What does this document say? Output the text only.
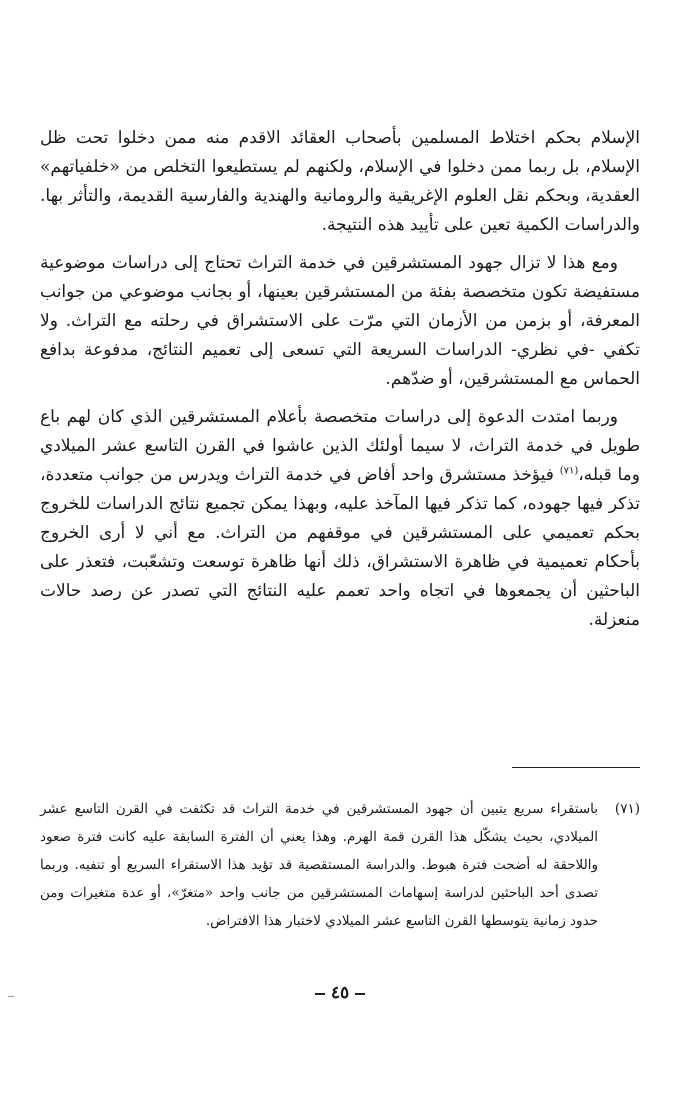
الإسلام بحكم اختلاط المسلمين بأصحاب العقائد الاقدم منه ممن دخلوا تحت ظل الإسلام، بل ربما ممن دخلوا في الإسلام، ولكنهم لم يستطيعوا التخلص من «خلفياتهم» العقدية، وبحكم نقل العلوم الإغريقية والرومانية والهندية والفارسية القديمة، والتأثر بها. والدراسات الكمية تعين على تأييد هذه النتيجة.

ومع هذا لا تزال جهود المستشرقين في خدمة التراث تحتاج إلى دراسات موضوعية مستفيضة تكون متخصصة بفئة من المستشرقين بعينها، أو بجانب موضوعي من جوانب المعرفة، أو بزمن من الأزمان التي مرّت على الاستشراق في رحلته مع التراث. ولا تكفي -في نظري- الدراسات السريعة التي تسعى إلى تعميم النتائج، مدفوعة بدافع الحماس مع المستشرقين، أو ضدّهم.

وربما امتدت الدعوة إلى دراسات متخصصة بأعلام المستشرقين الذي كان لهم باع طويل في خدمة التراث، لا سيما أولئك الذين عاشوا في القرن التاسع عشر الميلادي وما قبله،$^{(٧١)}$ فيؤخذ مستشرق واحد أفاض في خدمة التراث ويدرس من جوانب متعددة، تذكر فيها جهوده، كما تذكر فيها المآخذ عليه، وبهذا يمكن تجميع نتائج الدراسات للخروج بحكم تعميمي على المستشرقين في موقفهم من التراث. مع أني لا أرى الخروج بأحكام تعميمية في ظاهرة الاستشراق، ذلك أنها ظاهرة توسعت وتشعّبت، فتعذر على الباحثين أن يجمعوها في اتجاه واحد تعمم عليه النتائج التي تصدر عن رصد حالات منعزلة.

(٧١)
باستقراء سريع يتبين أن جهود المستشرقين في خدمة التراث قد تكثفت في القرن التاسع عشر الميلادي، بحيث يشكّل هذا القرن قمة الهرم. وهذا يعني أن الفترة السابقة عليه كانت فترة صعود واللاحقة له أضحت فترة هبوط. والدراسة المستقصية قد تؤيد هذا الاستقراء السريع أو تنفيه. وربما تصدى أحد الباحثين لدراسة إسهامات المستشرقين من جانب واحد «متغرّ»، أو عدة متغيرات ومن حدود زمانية يتوسطها القرن التاسع عشر الميلادي لاختبار هذا الافتراض.

٤٥
